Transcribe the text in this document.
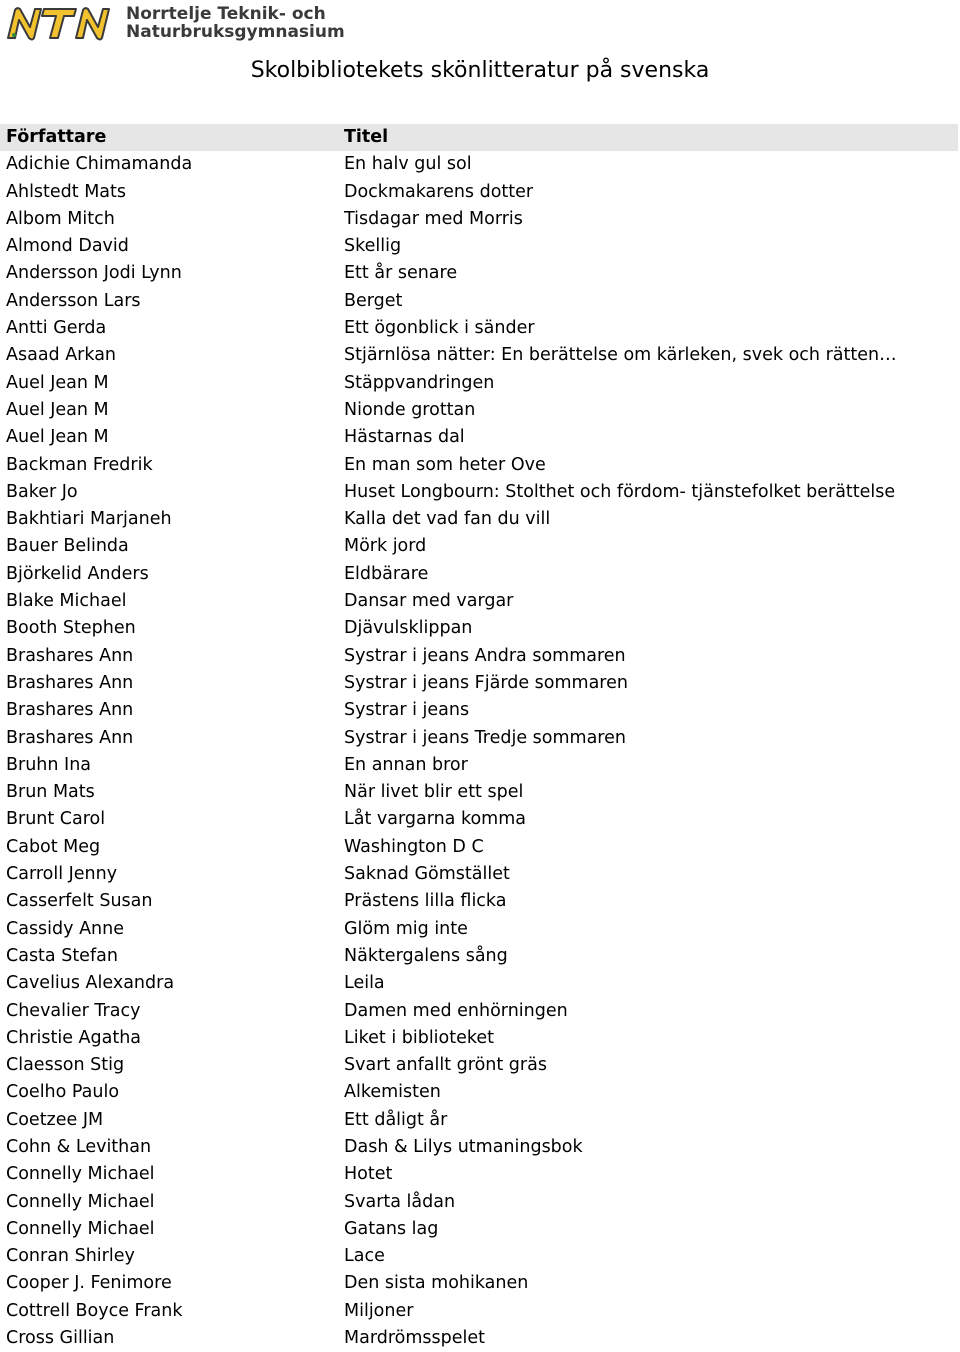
Norrtelje Teknik- och
Naturbruksgymnasium
Skolbibliotekets skönlitteratur på svenska
Författare	Titel
Adichie Chimamanda	En halv gul sol
Ahlstedt Mats	Dockmakarens dotter
Albom Mitch	Tisdagar med Morris
Almond David	Skellig
Andersson Jodi Lynn	Ett år senare
Andersson Lars	Berget
Antti Gerda	Ett ögonblick i sänder
Asaad Arkan	Stjärnlösa nätter: En berättelse om kärleken, svek och rätten…
Auel Jean M	Stäppvandringen
Auel Jean M	Nionde grottan
Auel Jean M	Hästarnas dal
Backman Fredrik	En man som heter Ove
Baker Jo	Huset Longbourn: Stolthet och fördom- tjänstefolket berättelse
Bakhtiari Marjaneh	Kalla det vad fan du vill
Bauer Belinda	Mörk jord
Björkelid Anders	Eldbärare
Blake Michael	Dansar med vargar
Booth Stephen	Djävulsklippan
Brashares Ann	Systrar i jeans Andra sommaren
Brashares Ann	Systrar i jeans Fjärde sommaren
Brashares Ann	Systrar i jeans
Brashares Ann	Systrar i jeans Tredje sommaren
Bruhn Ina	En annan bror
Brun Mats	När livet blir ett spel
Brunt Carol	Låt vargarna komma
Cabot Meg	Washington D C
Carroll Jenny	Saknad Gömstället
Casserfelt Susan	Prästens lilla flicka
Cassidy Anne	Glöm mig inte
Casta Stefan	Näktergalens sång
Cavelius Alexandra	Leila
Chevalier Tracy	Damen med enhörningen
Christie Agatha	Liket i biblioteket
Claesson Stig	Svart anfallt grönt gräs
Coelho Paulo	Alkemisten
Coetzee JM	Ett dåligt år
Cohn & Levithan	Dash & Lilys utmaningsbok
Connelly Michael	Hotet
Connelly Michael	Svarta lådan
Connelly Michael	Gatans lag
Conran Shirley	Lace
Cooper J. Fenimore	Den sista mohikanen
Cottrell Boyce Frank	Miljoner
Cross Gillian	Mardrömsspelet
